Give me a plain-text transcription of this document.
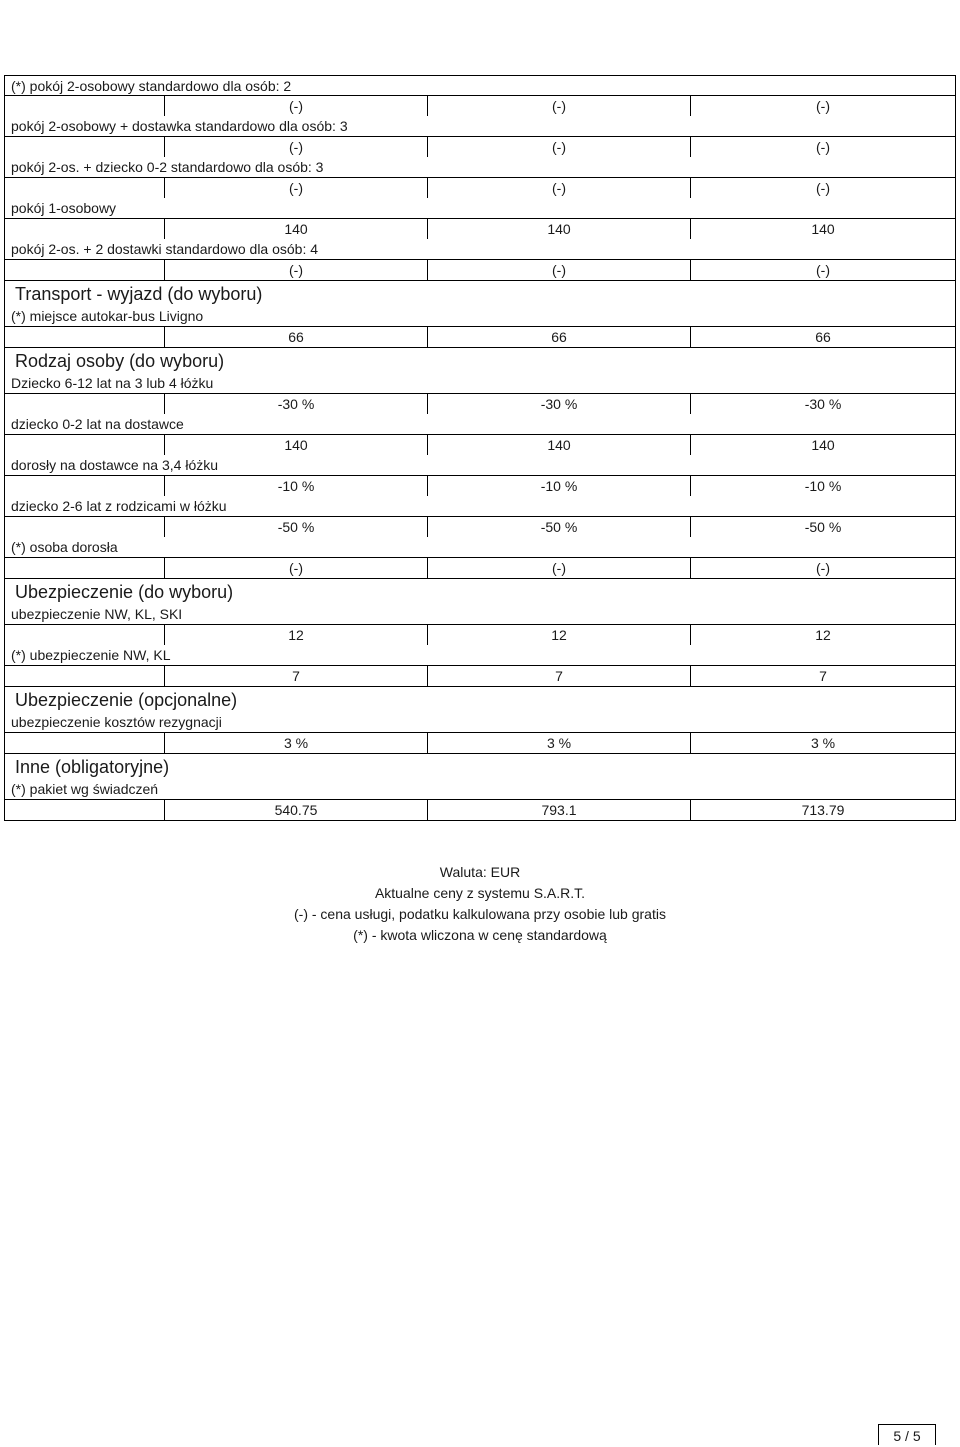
(*) pokój 2-osobowy standardowo dla osób: 2
(-)	(-)	(-)
pokój 2-osobowy + dostawka standardowo dla osób: 3
(-)	(-)	(-)
pokój 2-os. + dziecko 0-2 standardowo dla osób: 3
(-)	(-)	(-)
pokój 1-osobowy
140	140	140
pokój 2-os. + 2 dostawki standardowo dla osób: 4
(-)	(-)	(-)
Transport - wyjazd (do wyboru)
(*) miejsce autokar-bus Livigno
66	66	66
Rodzaj osoby (do wyboru)
Dziecko 6-12 lat na 3 lub 4 łóżku
-30 %	-30 %	-30 %
dziecko 0-2 lat na dostawce
140	140	140
dorosły na dostawce na 3,4 łóżku
-10 %	-10 %	-10 %
dziecko 2-6 lat z rodzicami w łóżku
-50 %	-50 %	-50 %
(*) osoba dorosła
(-)	(-)	(-)
Ubezpieczenie (do wyboru)
ubezpieczenie NW, KL, SKI
12	12	12
(*) ubezpieczenie NW, KL
7	7	7
Ubezpieczenie (opcjonalne)
ubezpieczenie kosztów rezygnacji
3 %	3 %	3 %
Inne (obligatoryjne)
(*) pakiet wg świadczeń
540.75	793.1	713.79
Waluta: EUR
Aktualne ceny z systemu S.A.R.T.
(-) - cena usługi, podatku kalkulowana przy osobie lub gratis
(*) - kwota wliczona w cenę standardową
5 / 5
